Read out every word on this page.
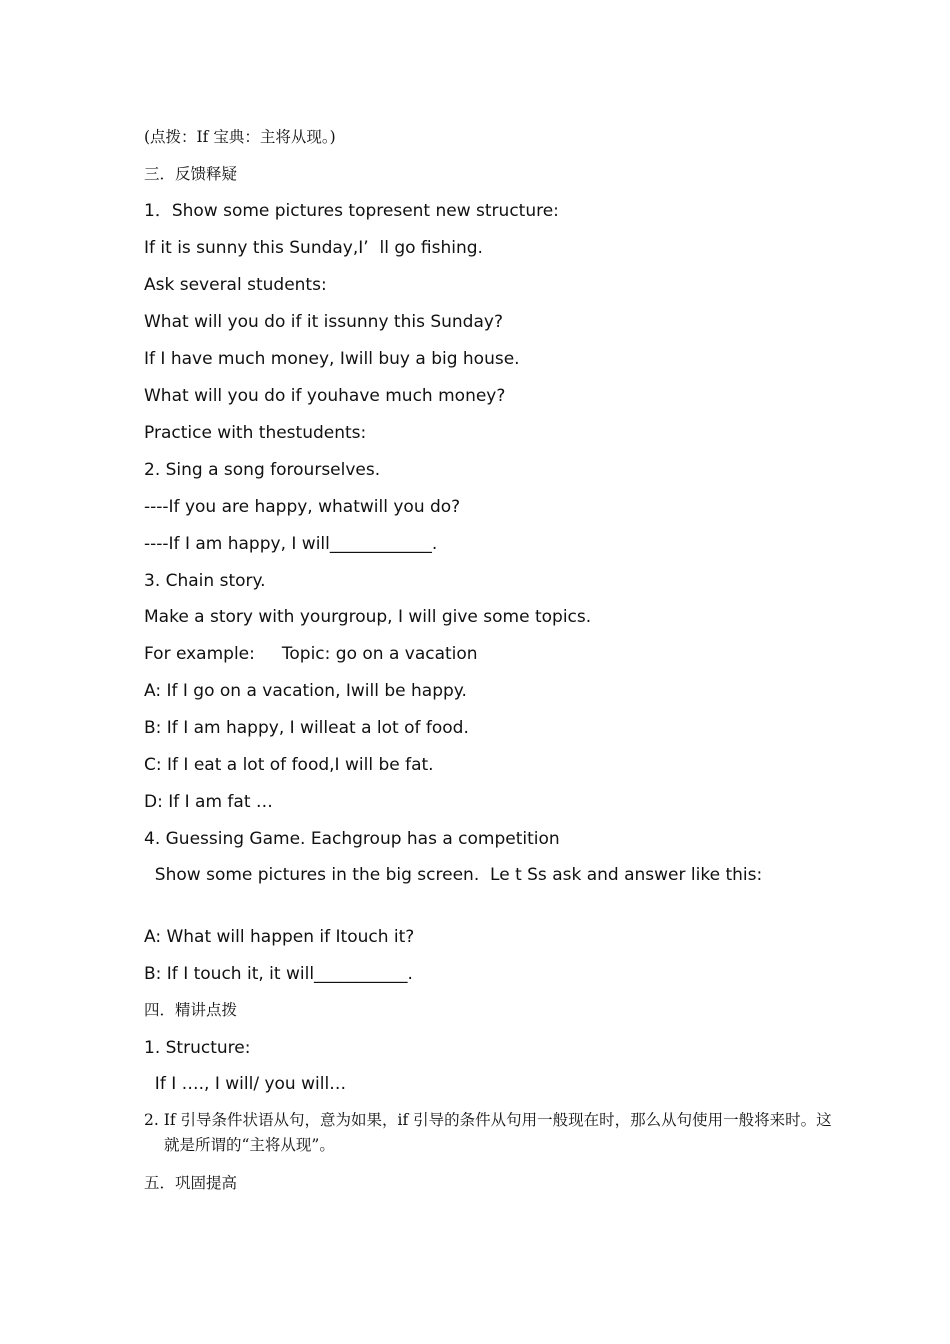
(点拨：If 宝典：主将从现。)
三．反馈释疑
1．Show some pictures topresent new structure:
If it is sunny this Sunday,I’  ll go fishing.
Ask several students:
What will you do if it issunny this Sunday?
If I have much money, Iwill buy a big house.
What will you do if youhave much money?
Practice with thestudents:
2. Sing a song forourselves.
----If you are happy, whatwill you do?
----If I am happy, I will____________.
3. Chain story.
Make a story with yourgroup, I will give some topics.
For example:     Topic: go on a vacation
A: If I go on a vacation, Iwill be happy.
B: If I am happy, I willeat a lot of food.
C: If I eat a lot of food,I will be fat.
D: If I am fat …
4. Guessing Game. Eachgroup has a competition
Show some pictures in the big screen.  Le t Ss ask and answer like this:
A: What will happen if Itouch it?
B: If I touch it, it will___________.
四．精讲点拨
1. Structure:
If I …., I will/ you will…
2. If 引导条件状语从句，意为如果，if 引导的条件从句用一般现在时，那么从句使用一般将来时。这就是所谓的“主将从现”。
五．巩固提高
